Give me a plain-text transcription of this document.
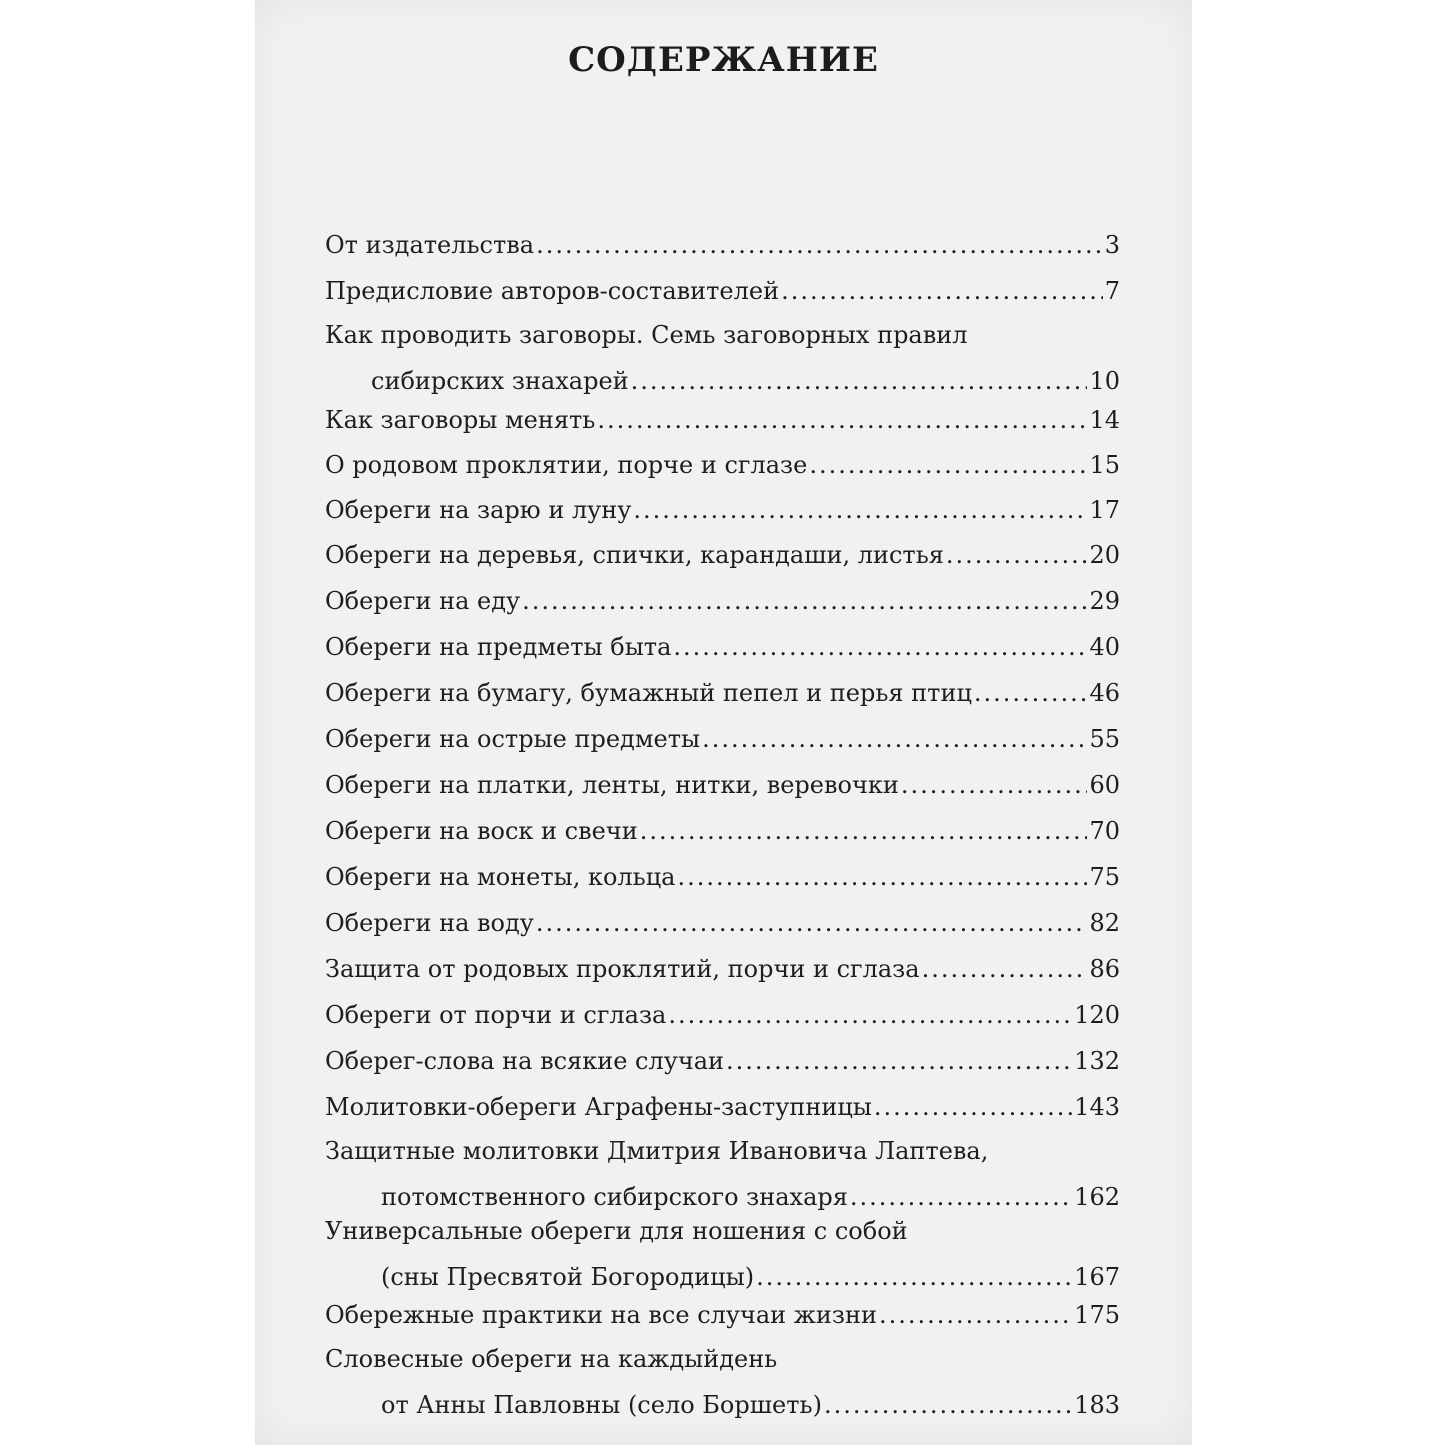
СОДЕРЖАНИЕ
От издательства .....	3
Предисловие авторов-составителей .....	7
Как проводить заговоры. Семь заговорных правил
сибирских знахарей .....	10
Как заговоры менять .....	14
О родовом проклятии, порче и сглазе .....	15
Обереги на зарю и луну .....	17
Обереги на деревья, спички, карандаши, листья .....	20
Обереги на еду .....	29
Обереги на предметы быта .....	40
Обереги на бумагу, бумажный пепел и перья птиц .....	46
Обереги на острые предметы .....	55
Обереги на платки, ленты, нитки, веревочки .....	60
Обереги на воск и свечи .....	70
Обереги на монеты, кольца .....	75
Обереги на воду .....	82
Защита от родовых проклятий, порчи и сглаза .....	86
Обереги от порчи и сглаза .....	120
Оберег-слова на всякие случаи .....	132
Молитовки-обереги Аграфены-заступницы .....	143
Защитные молитовки Дмитрия Ивановича Лаптева,
потомственного сибирского знахаря .....	162
Универсальные обереги для ношения с собой
(сны Пресвятой Богородицы) .....	167
Обережные практики на все случаи жизни .....	175
Словесные обереги на каждыйдень
от Анны Павловны (село Боршеть) .....	183
